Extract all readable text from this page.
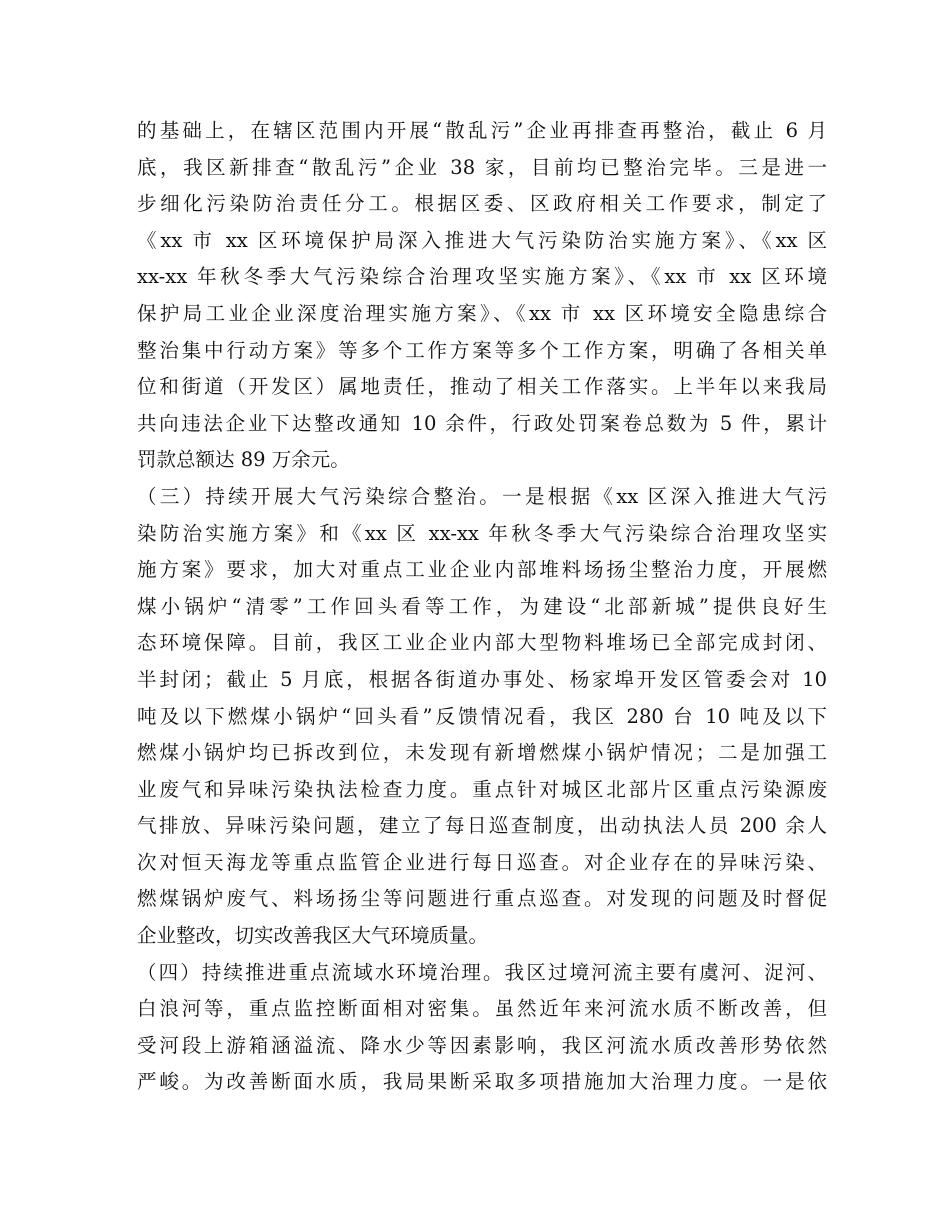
的基础上，在辖区范围内开展“散乱污”企业再排查再整治，截止 6 月
底，我区新排查“散乱污”企业 38 家，目前均已整治完毕。三是进一
步细化污染防治责任分工。根据区委、区政府相关工作要求，制定了
《xx 市 xx 区环境保护局深入推进大气污染防治实施方案》、《xx 区
xx-xx 年秋冬季大气污染综合治理攻坚实施方案》、《xx 市 xx 区环境
保护局工业企业深度治理实施方案》、《xx 市 xx 区环境安全隐患综合
整治集中行动方案》等多个工作方案等多个工作方案，明确了各相关单
位和街道（开发区）属地责任，推动了相关工作落实。上半年以来我局
共向违法企业下达整改通知 10 余件，行政处罚案卷总数为 5 件，累计
罚款总额达 89 万余元。
（三）持续开展大气污染综合整治。一是根据《xx 区深入推进大气污
染防治实施方案》和《xx 区 xx-xx 年秋冬季大气污染综合治理攻坚实
施方案》要求，加大对重点工业企业内部堆料场扬尘整治力度，开展燃
煤小锅炉“清零”工作回头看等工作，为建设“北部新城”提供良好生
态环境保障。目前，我区工业企业内部大型物料堆场已全部完成封闭、
半封闭；截止 5 月底，根据各街道办事处、杨家埠开发区管委会对 10
吨及以下燃煤小锅炉“回头看”反馈情况看，我区 280 台 10 吨及以下
燃煤小锅炉均已拆改到位，未发现有新增燃煤小锅炉情况；二是加强工
业废气和异味污染执法检查力度。重点针对城区北部片区重点污染源废
气排放、异味污染问题，建立了每日巡查制度，出动执法人员 200 余人
次对恒天海龙等重点监管企业进行每日巡查。对企业存在的异味污染、
燃煤锅炉废气、料场扬尘等问题进行重点巡查。对发现的问题及时督促
企业整改，切实改善我区大气环境质量。
（四）持续推进重点流域水环境治理。我区过境河流主要有虞河、浞河、
白浪河等，重点监控断面相对密集。虽然近年来河流水质不断改善，但
受河段上游箱涵溢流、降水少等因素影响，我区河流水质改善形势依然
严峻。为改善断面水质，我局果断采取多项措施加大治理力度。一是依
